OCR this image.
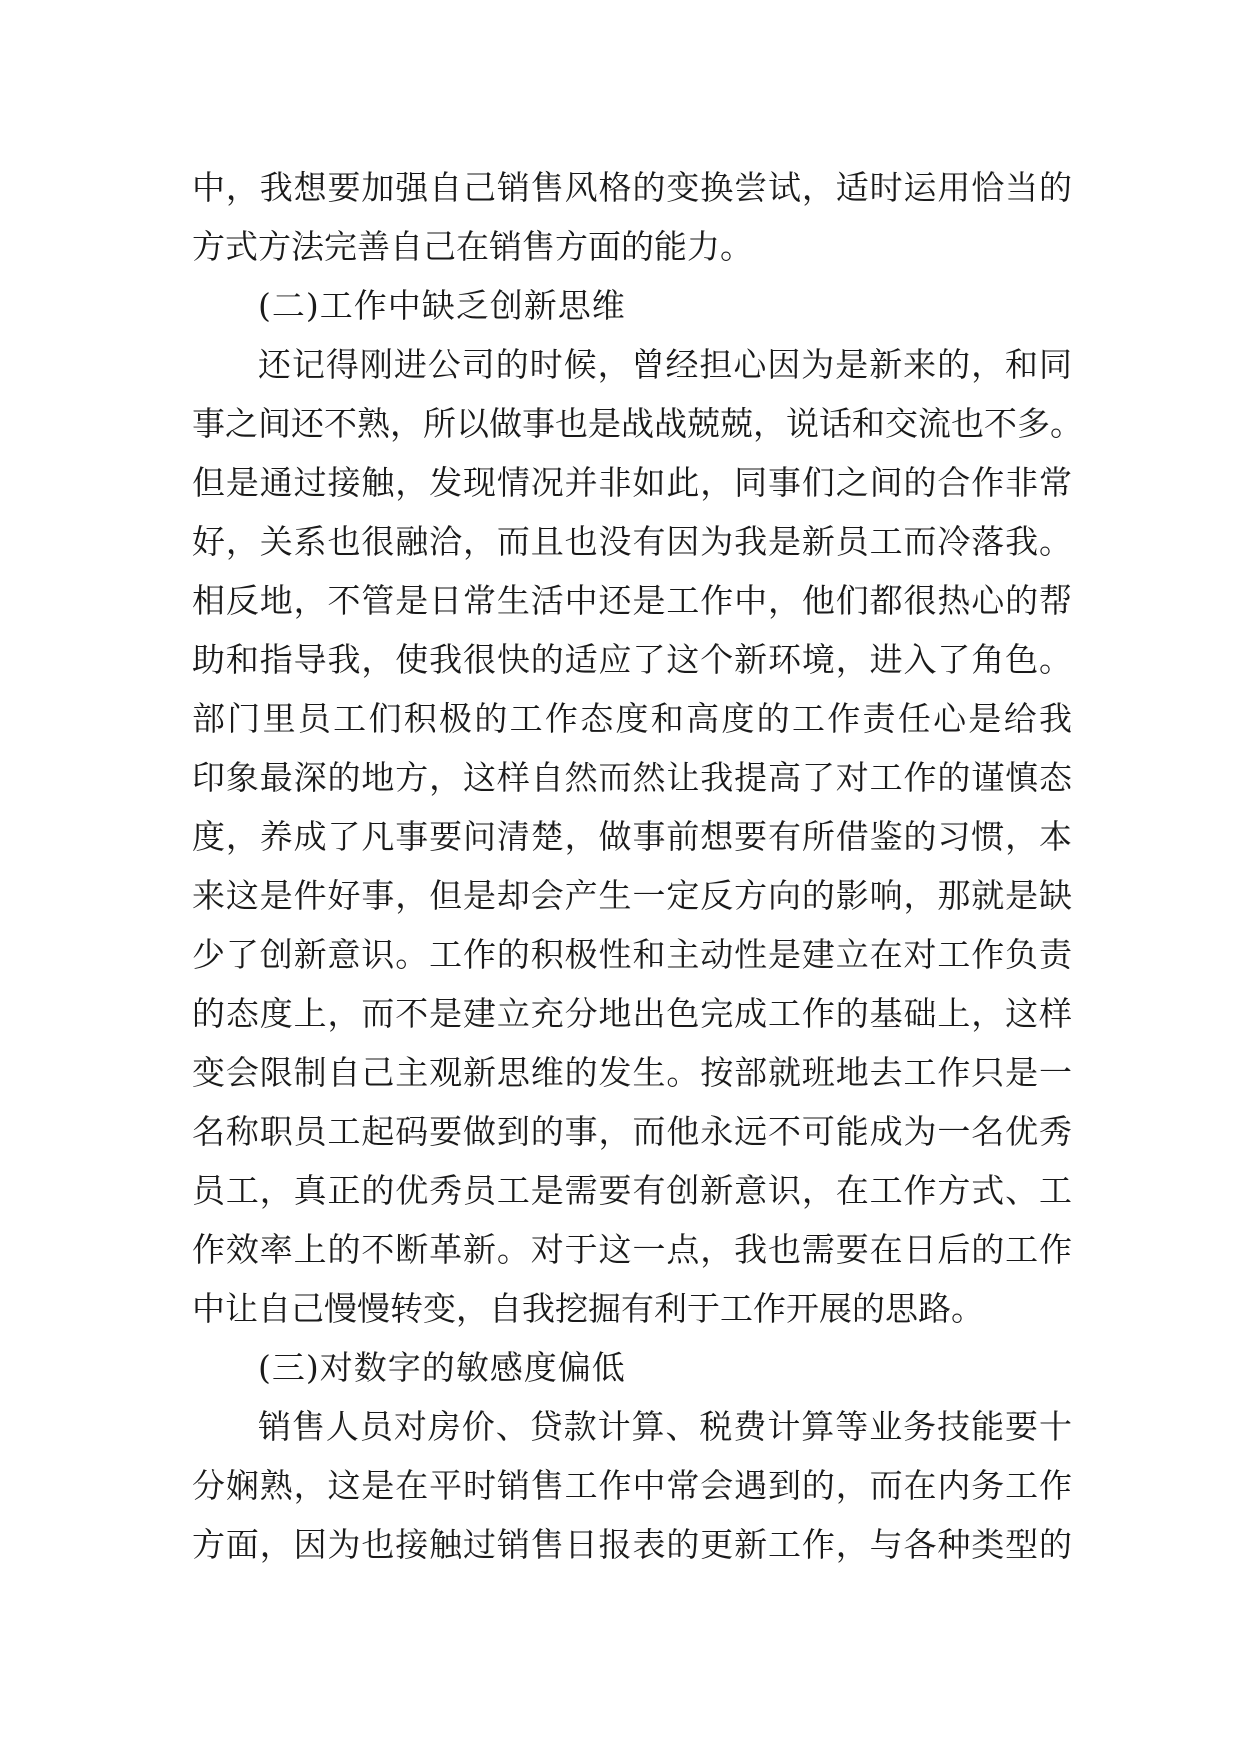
中，我想要加强自己销售风格的变换尝试，适时运用恰当的
方式方法完善自己在销售方面的能力。
(二)工作中缺乏创新思维
还记得刚进公司的时候，曾经担心因为是新来的，和同
事之间还不熟，所以做事也是战战兢兢，说话和交流也不多。
但是通过接触，发现情况并非如此，同事们之间的合作非常
好，关系也很融洽，而且也没有因为我是新员工而冷落我。
相反地，不管是日常生活中还是工作中，他们都很热心的帮
助和指导我，使我很快的适应了这个新环境，进入了角色。
部门里员工们积极的工作态度和高度的工作责任心是给我
印象最深的地方，这样自然而然让我提高了对工作的谨慎态
度，养成了凡事要问清楚，做事前想要有所借鉴的习惯，本
来这是件好事，但是却会产生一定反方向的影响，那就是缺
少了创新意识。工作的积极性和主动性是建立在对工作负责
的态度上，而不是建立充分地出色完成工作的基础上，这样
变会限制自己主观新思维的发生。按部就班地去工作只是一
名称职员工起码要做到的事，而他永远不可能成为一名优秀
员工，真正的优秀员工是需要有创新意识，在工作方式、工
作效率上的不断革新。对于这一点，我也需要在日后的工作
中让自己慢慢转变，自我挖掘有利于工作开展的思路。
(三)对数字的敏感度偏低
销售人员对房价、贷款计算、税费计算等业务技能要十
分娴熟，这是在平时销售工作中常会遇到的，而在内务工作
方面，因为也接触过销售日报表的更新工作，与各种类型的
